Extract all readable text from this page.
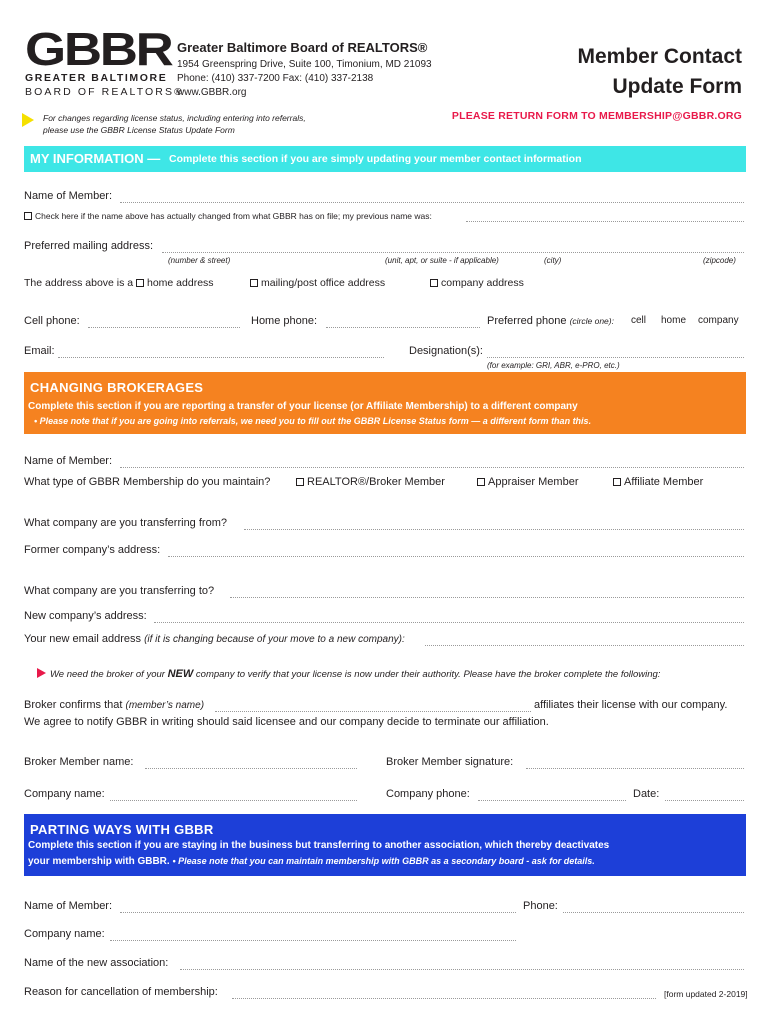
GBBR
GREATER BALTIMORE
BOARD OF REALTORS®
Greater Baltimore Board of REALTORS®
1954 Greenspring Drive, Suite 100, Timonium, MD 21093
Phone: (410) 337-7200 Fax: (410) 337-2138
www.GBBR.org
Member Contact
Update Form
PLEASE RETURN FORM TO MEMBERSHIP@GBBR.ORG
For changes regarding license status, including entering into referrals,
please use the GBBR License Status Update Form
MY INFORMATION — Complete this section if you are simply updating your member contact information
Name of Member:
Check here if the name above has actually changed from what GBBR has on file; my previous name was:
Preferred mailing address:
(number & street)	(unit, apt, or suite - if applicable)	(city)	(zipcode)
The address above is a	home address	mailing/post office address	company address
Cell phone:	Home phone:	Preferred phone (circle one): cell home company
Email:	Designation(s):
(for example: GRI, ABR, e-PRO, etc.)
CHANGING BROKERAGES
Complete this section if you are reporting a transfer of your license (or Affiliate Membership) to a different company
• Please note that if you are going into referrals, we need you to fill out the GBBR License Status form — a different form than this.
Name of Member:
What type of GBBR Membership do you maintain?	REALTOR®/Broker Member	Appraiser Member	Affiliate Member
What company are you transferring from?
Former company’s address:
What company are you transferring to?
New company’s address:
Your new email address (if it is changing because of your move to a new company):
We need the broker of your NEW company to verify that your license is now under their authority. Please have the broker complete the following:
Broker confirms that (member’s name)	affiliates their license with our company.
We agree to notify GBBR in writing should said licensee and our company decide to terminate our affiliation.
Broker Member name:	Broker Member signature:
Company name:	Company phone:	Date:
PARTING WAYS WITH GBBR
Complete this section if you are staying in the business but transferring to another association, which thereby deactivates
your membership with GBBR. • Please note that you can maintain membership with GBBR as a secondary board - ask for details.
Name of Member:	Phone:
Company name:
Name of the new association:
Reason for cancellation of membership:	[form updated 2-2019]
